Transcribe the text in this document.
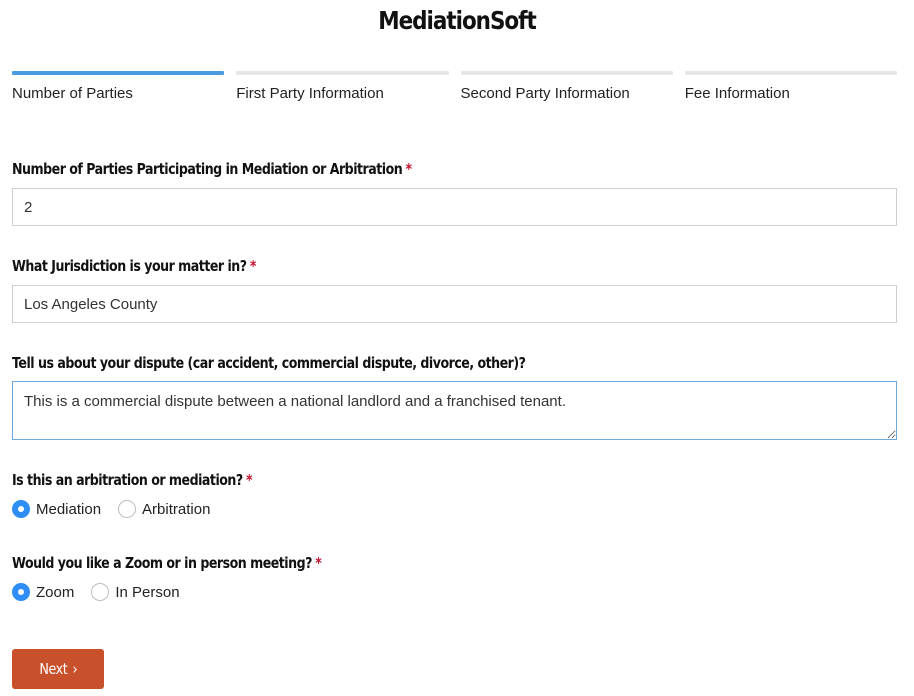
MediationSoft
Number of Parties	First Party Information	Second Party Information	Fee Information
Number of Parties Participating in Mediation or Arbitration *
2
What Jurisdiction is your matter in? *
Los Angeles County
Tell us about your dispute (car accident, commercial dispute, divorce, other)?
This is a commercial dispute between a national landlord and a franchised tenant.
Is this an arbitration or mediation? *
Mediation	Arbitration
Would you like a Zoom or in person meeting? *
Zoom	In Person
Next ›
